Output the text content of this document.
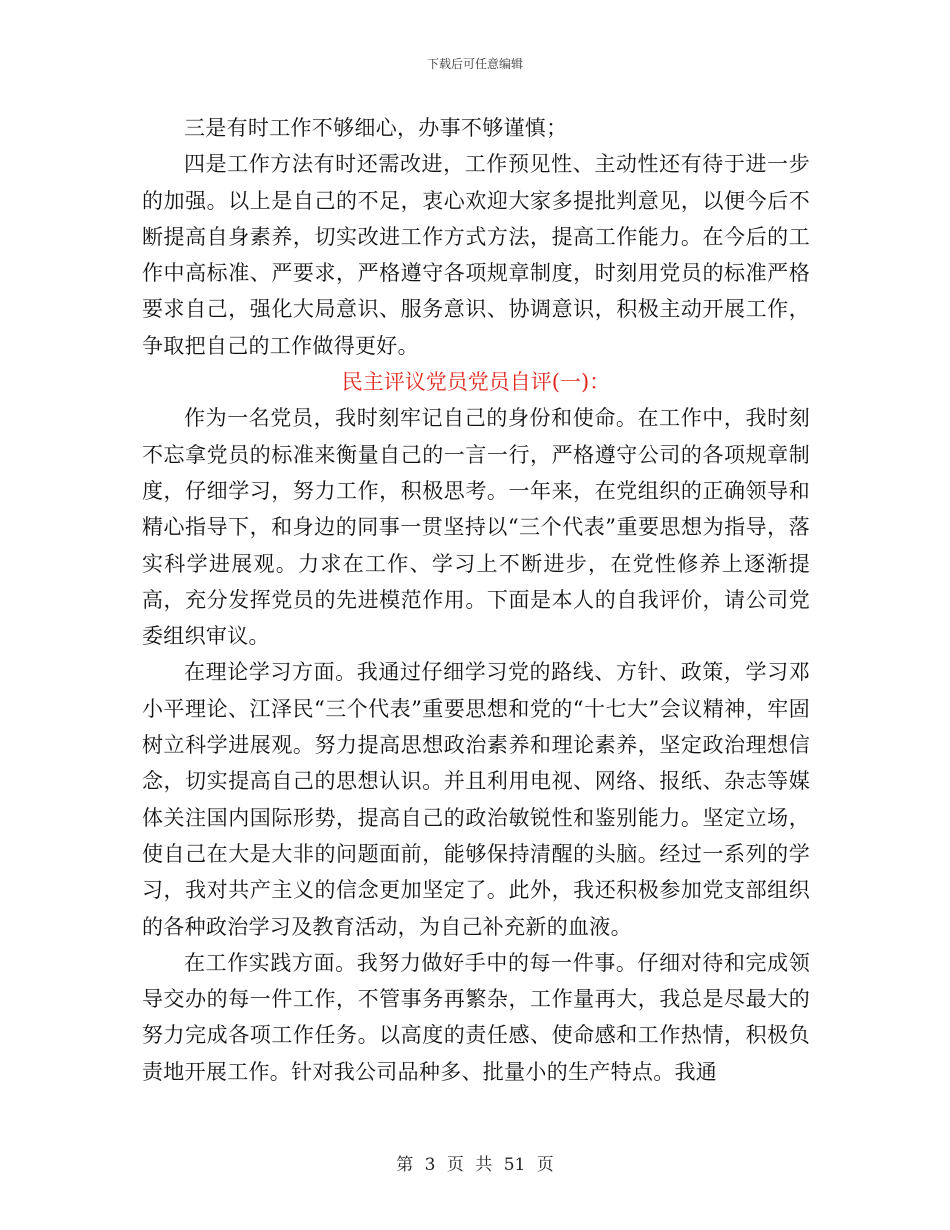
下载后可任意编辑

三是有时工作不够细心，办事不够谨慎；

四是工作方法有时还需改进，工作预见性、主动性还有待于进一步的加强。以上是自己的不足，衷心欢迎大家多提批判意见，以便今后不断提高自身素养，切实改进工作方式方法，提高工作能力。在今后的工作中高标准、严要求，严格遵守各项规章制度，时刻用党员的标准严格要求自己，强化大局意识、服务意识、协调意识，积极主动开展工作，争取把自己的工作做得更好。

民主评议党员党员自评(一)：

作为一名党员，我时刻牢记自己的身份和使命。在工作中，我时刻不忘拿党员的标准来衡量自己的一言一行，严格遵守公司的各项规章制度，仔细学习，努力工作，积极思考。一年来，在党组织的正确领导和精心指导下，和身边的同事一贯坚持以“三个代表”重要思想为指导，落实科学进展观。力求在工作、学习上不断进步，在党性修养上逐渐提高，充分发挥党员的先进模范作用。下面是本人的自我评价，请公司党委组织审议。

在理论学习方面。我通过仔细学习党的路线、方针、政策，学习邓小平理论、江泽民“三个代表”重要思想和党的“十七大”会议精神，牢固树立科学进展观。努力提高思想政治素养和理论素养，坚定政治理想信念，切实提高自己的思想认识。并且利用电视、网络、报纸、杂志等媒体关注国内国际形势，提高自己的政治敏锐性和鉴别能力。坚定立场，使自己在大是大非的问题面前，能够保持清醒的头脑。经过一系列的学习，我对共产主义的信念更加坚定了。此外，我还积极参加党支部组织的各种政治学习及教育活动，为自己补充新的血液。

在工作实践方面。我努力做好手中的每一件事。仔细对待和完成领导交办的每一件工作，不管事务再繁杂，工作量再大，我总是尽最大的努力完成各项工作任务。以高度的责任感、使命感和工作热情，积极负责地开展工作。针对我公司品种多、批量小的生产特点。我通

第 3 页 共 51 页
